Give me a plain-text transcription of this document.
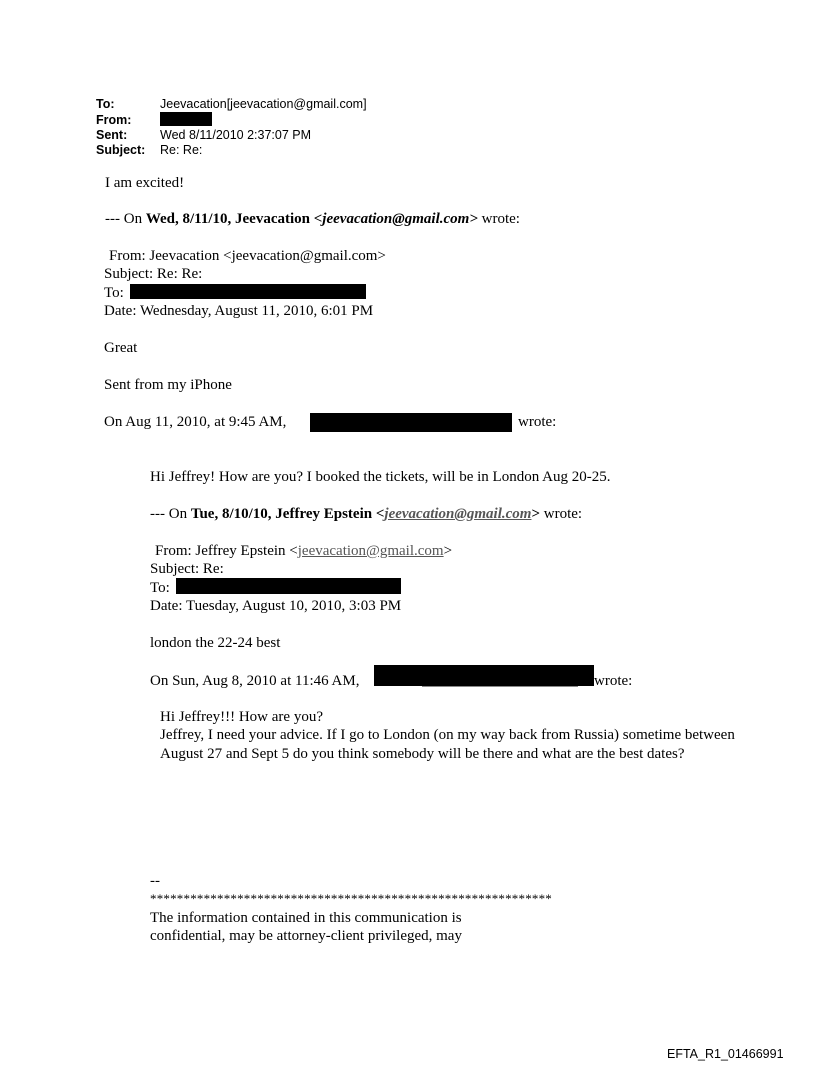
To:	Jeevacation[jeevacation@gmail.com]
From:
Sent:	Wed 8/11/2010 2:37:07 PM
Subject: Re: Re:
I am excited!
--- On Wed, 8/11/10, Jeevacation <jeevacation@gmail.com> wrote:
From: Jeevacation <jeevacation@gmail.com>
Subject: Re: Re:
To:
Date: Wednesday, August 11, 2010, 6:01 PM
Great
Sent from my iPhone
On Aug 11, 2010, at 9:45 AM,	wrote:
Hi Jeffrey! How are you? I booked the tickets, will be in London Aug 20-25.
--- On Tue, 8/10/10, Jeffrey Epstein <jeevacation@gmail.com> wrote:
From: Jeffrey Epstein <jeevacation@gmail.com>
Subject: Re:
To:
Date: Tuesday, August 10, 2010, 3:03 PM
london the 22-24 best
On Sun, Aug 8, 2010 at 11:46 AM,	wrote:
Hi Jeffrey!!! How are you?
Jeffrey, I need your advice. If I go to London (on my way back from Russia) sometime between August 27 and Sept 5 do you think somebody will be there and what are the best dates?
--
************************************************************
The information contained in this communication is
confidential, may be attorney-client privileged, may
EFTA_R1_01466991
